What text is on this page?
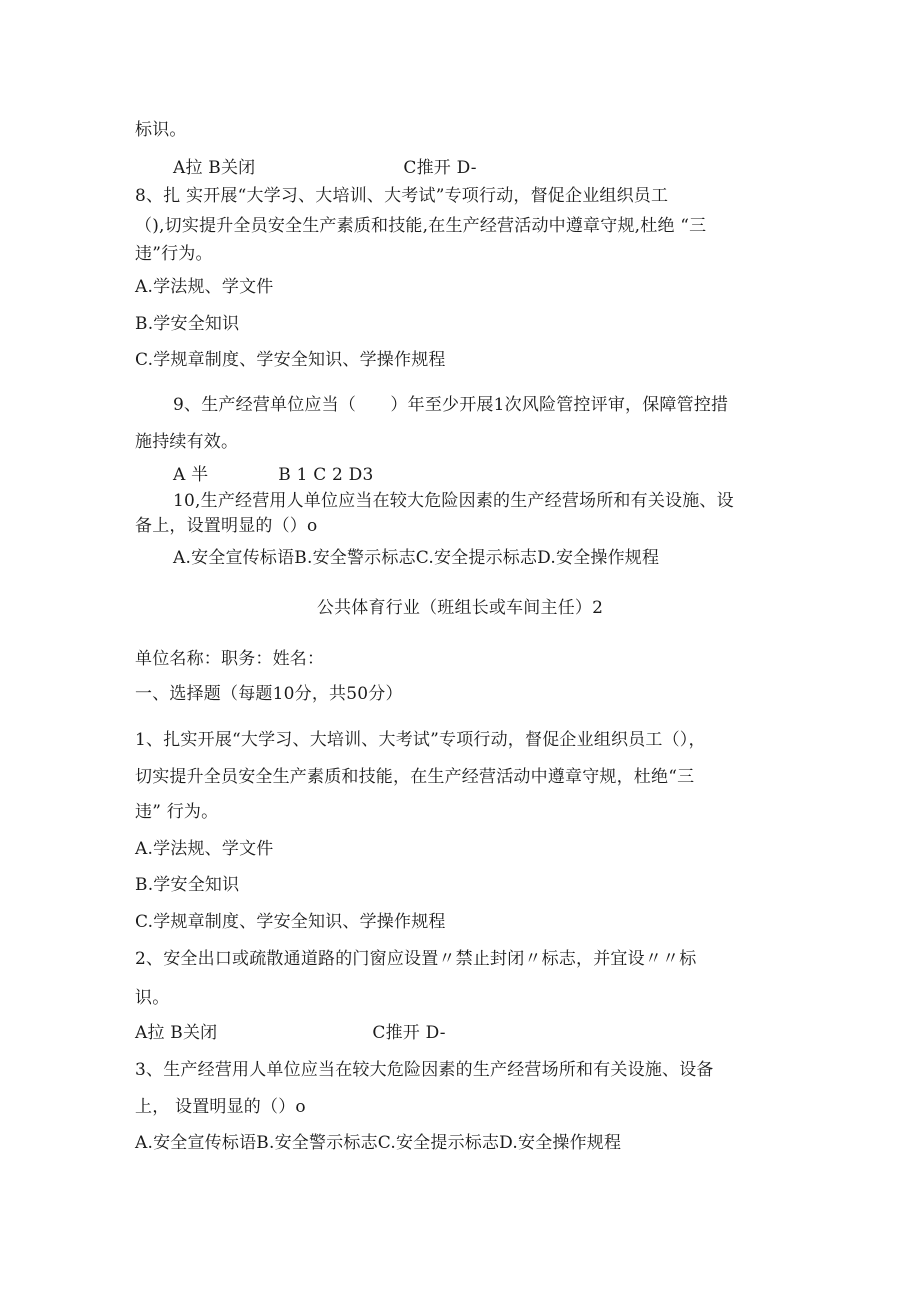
标识。
A拉 B关闭	C推开 D-
8、扎 实开展“大学习、大培训、大考试”专项行动，督促企业组织员工
（),切实提升全员安全生产素质和技能,在生产经营活动中遵章守规,杜绝 “三
违”行为。
A.学法规、学文件
B.学安全知识
C.学规章制度、学安全知识、学操作规程
9、生产经营单位应当（　　）年至少开展1次风险管控评审，保障管控措
施持续有效。
A 半	B 1 C 2 D3
10,生产经营用人单位应当在较大危险因素的生产经营场所和有关设施、设
备上，设置明显的（）o
A.安全宣传标语B.安全警示标志C.安全提示标志D.安全操作规程
公共体育行业（班组长或车间主任）2
单位名称：职务：姓名：
一、选择题（每题10分，共50分）
1、扎实开展“大学习、大培训、大考试”专项行动，督促企业组织员工（），
切实提升全员安全生产素质和技能，在生产经营活动中遵章守规，杜绝“三
违” 行为。
A.学法规、学文件
B.学安全知识
C.学规章制度、学安全知识、学操作规程
2、安全出口或疏散通道路的门窗应设置〃禁止封闭〃标志，并宜设〃〃标
识。
A拉 B关闭	C推开 D-
3、生产经营用人单位应当在较大危险因素的生产经营场所和有关设施、设备
上， 设置明显的（）o
A.安全宣传标语B.安全警示标志C.安全提示标志D.安全操作规程
